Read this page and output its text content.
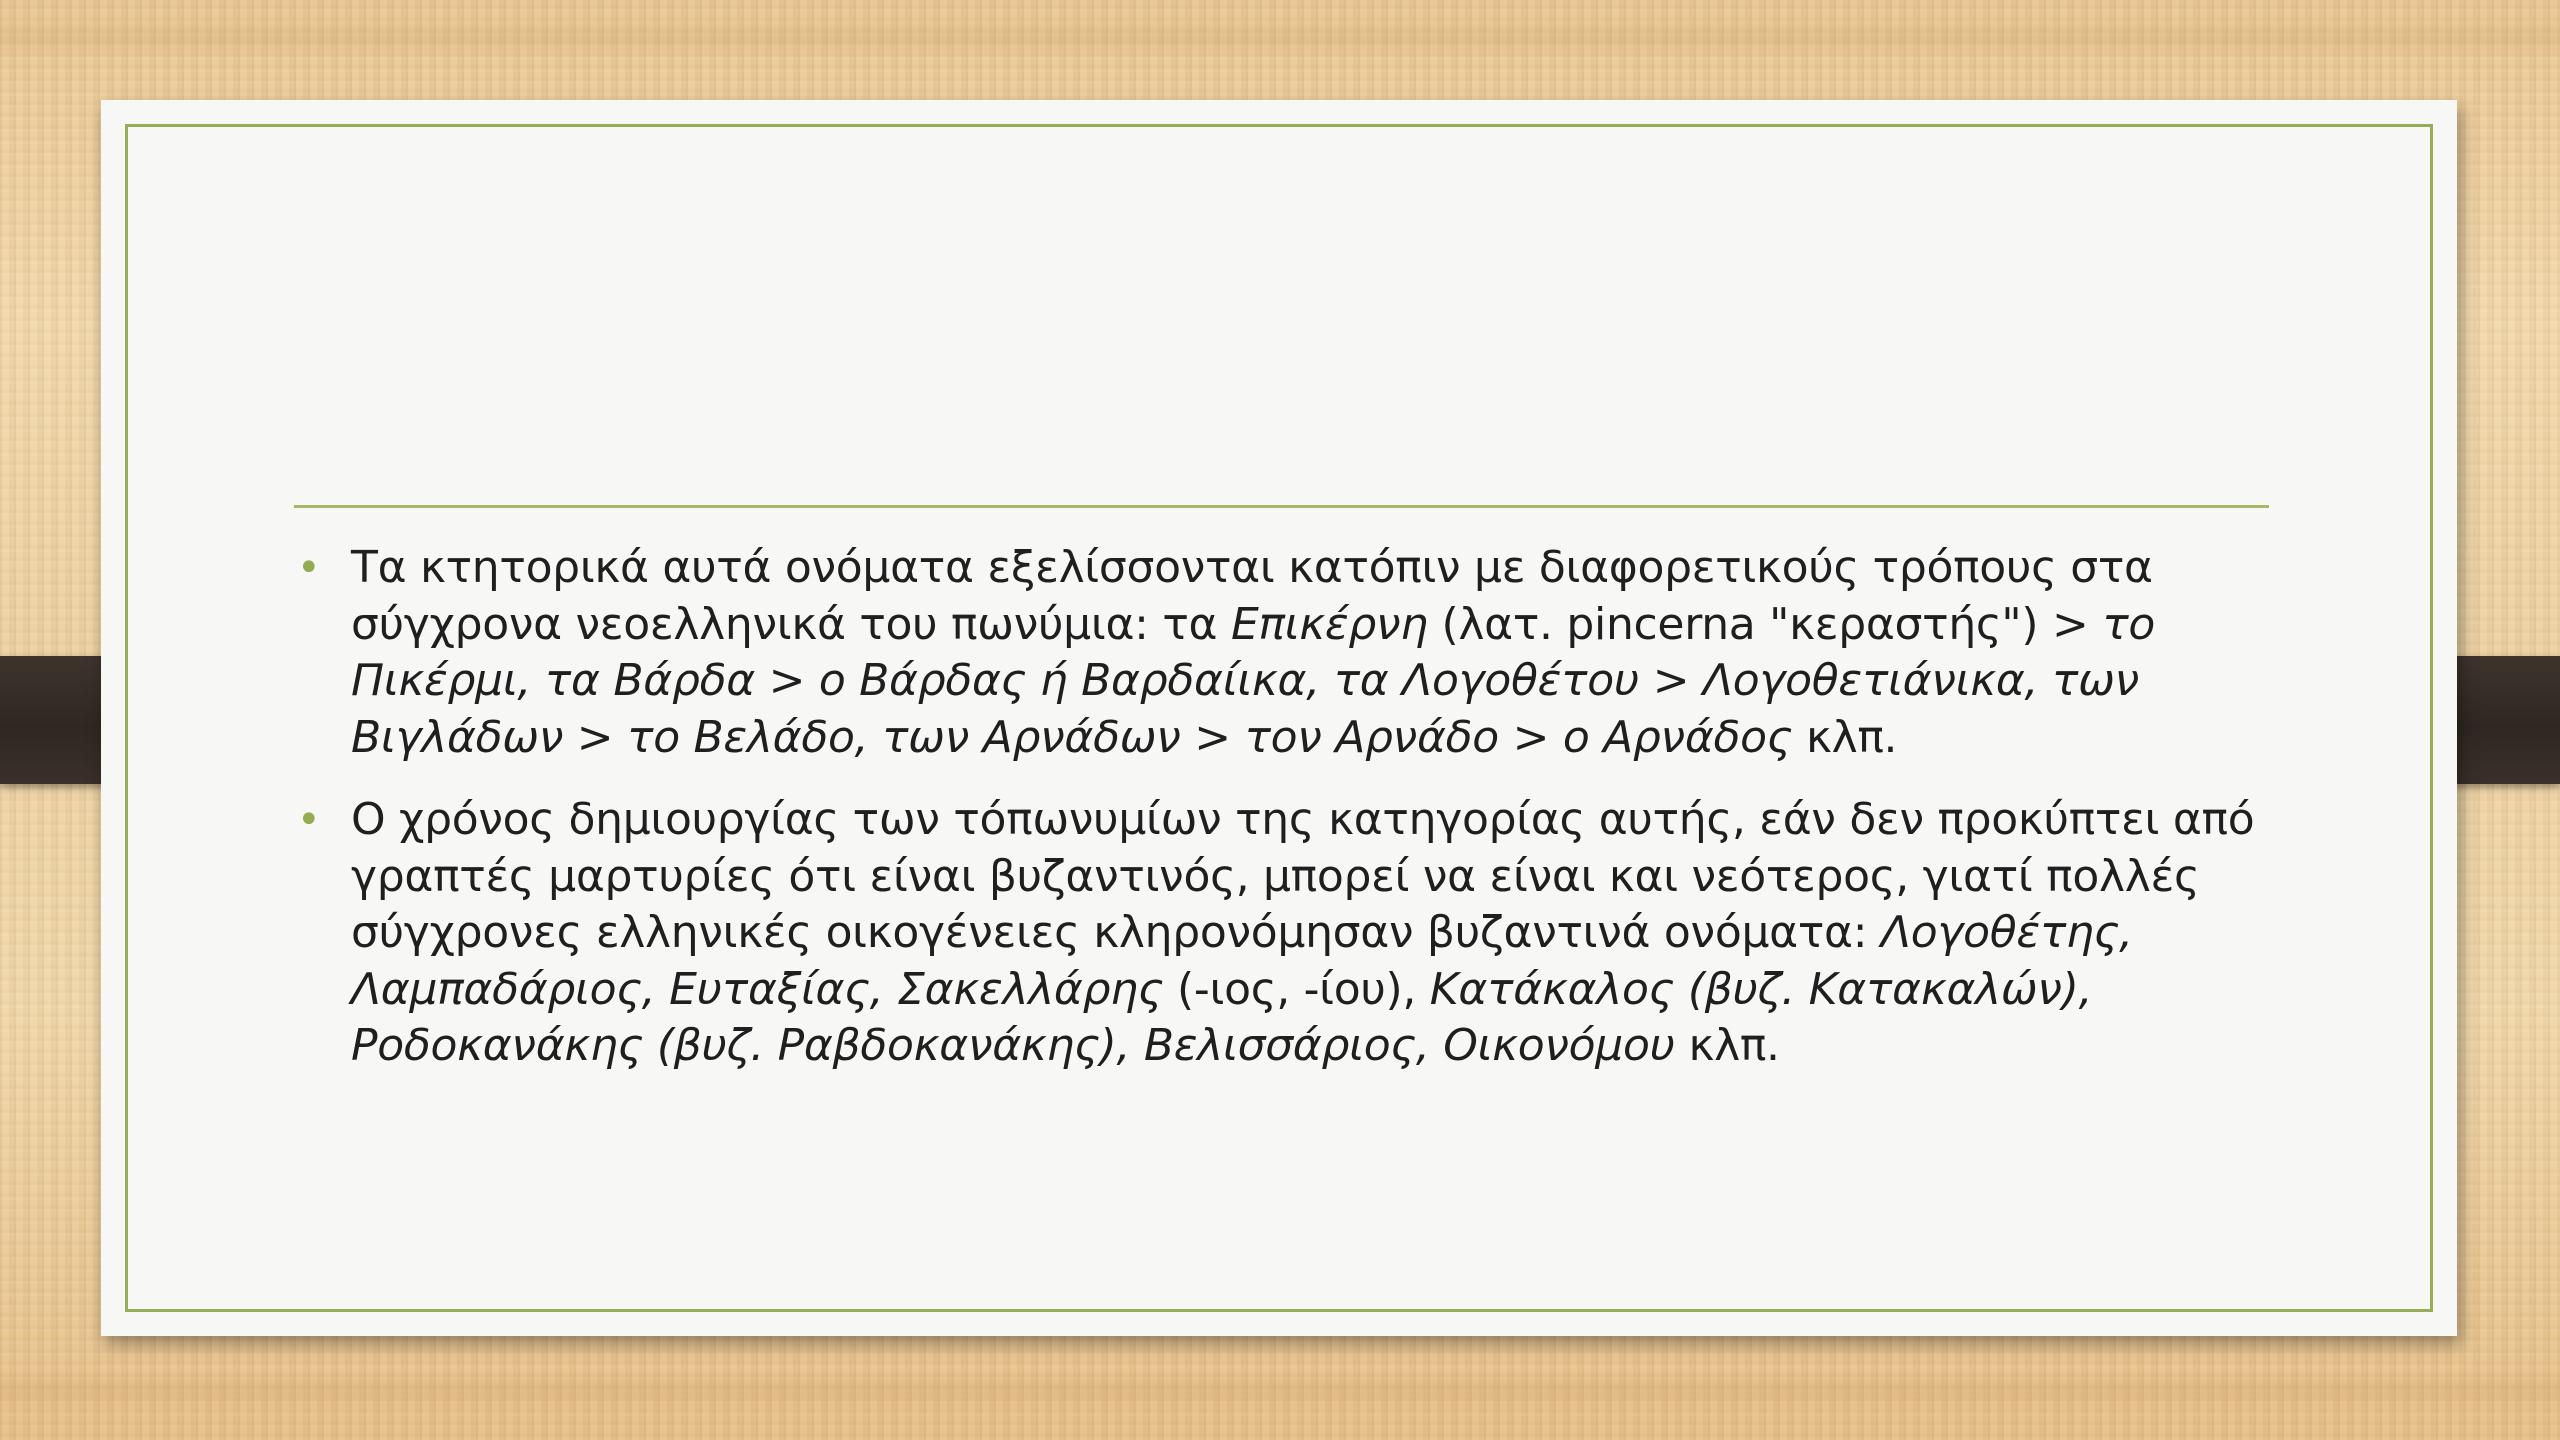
• Τα κτητορικά αυτά ονόματα εξελίσσονται κατόπιν με διαφορετικούς τρόπους στα σύγχρονα νεοελληνικά του πωνύμια: τα Επικέρνη (λατ. pincerna "κεραστής") > το Πικέρμι, τα Βάρδα > ο Βάρδας ή Βαρδαίικα, τα Λογοθέτου > Λογοθετιάνικα, των Βιγλάδων > το Βελάδο, των Αρνάδων > τον Αρνάδο > ο Αρνάδος κλπ.
• Ο χρόνος δημιουργίας των τόπωνυμίων της κατηγορίας αυτής, εάν δεν προκύπτει από γραπτές μαρτυρίες ότι είναι βυζαντινός, μπορεί να είναι και νεότερος, γιατί πολλές σύγχρονες ελληνικές οικογένειες κληρονόμησαν βυζαντινά ονόματα: Λογοθέτης, Λαμπαδάριος, Ευταξίας, Σακελλάρης (-ιος, -ίου), Κατάκαλος (βυζ. Κατακαλών), Ροδοκανάκης (βυζ. Ραβδοκανάκης), Βελισσάριος, Οικονόμου κλπ.
